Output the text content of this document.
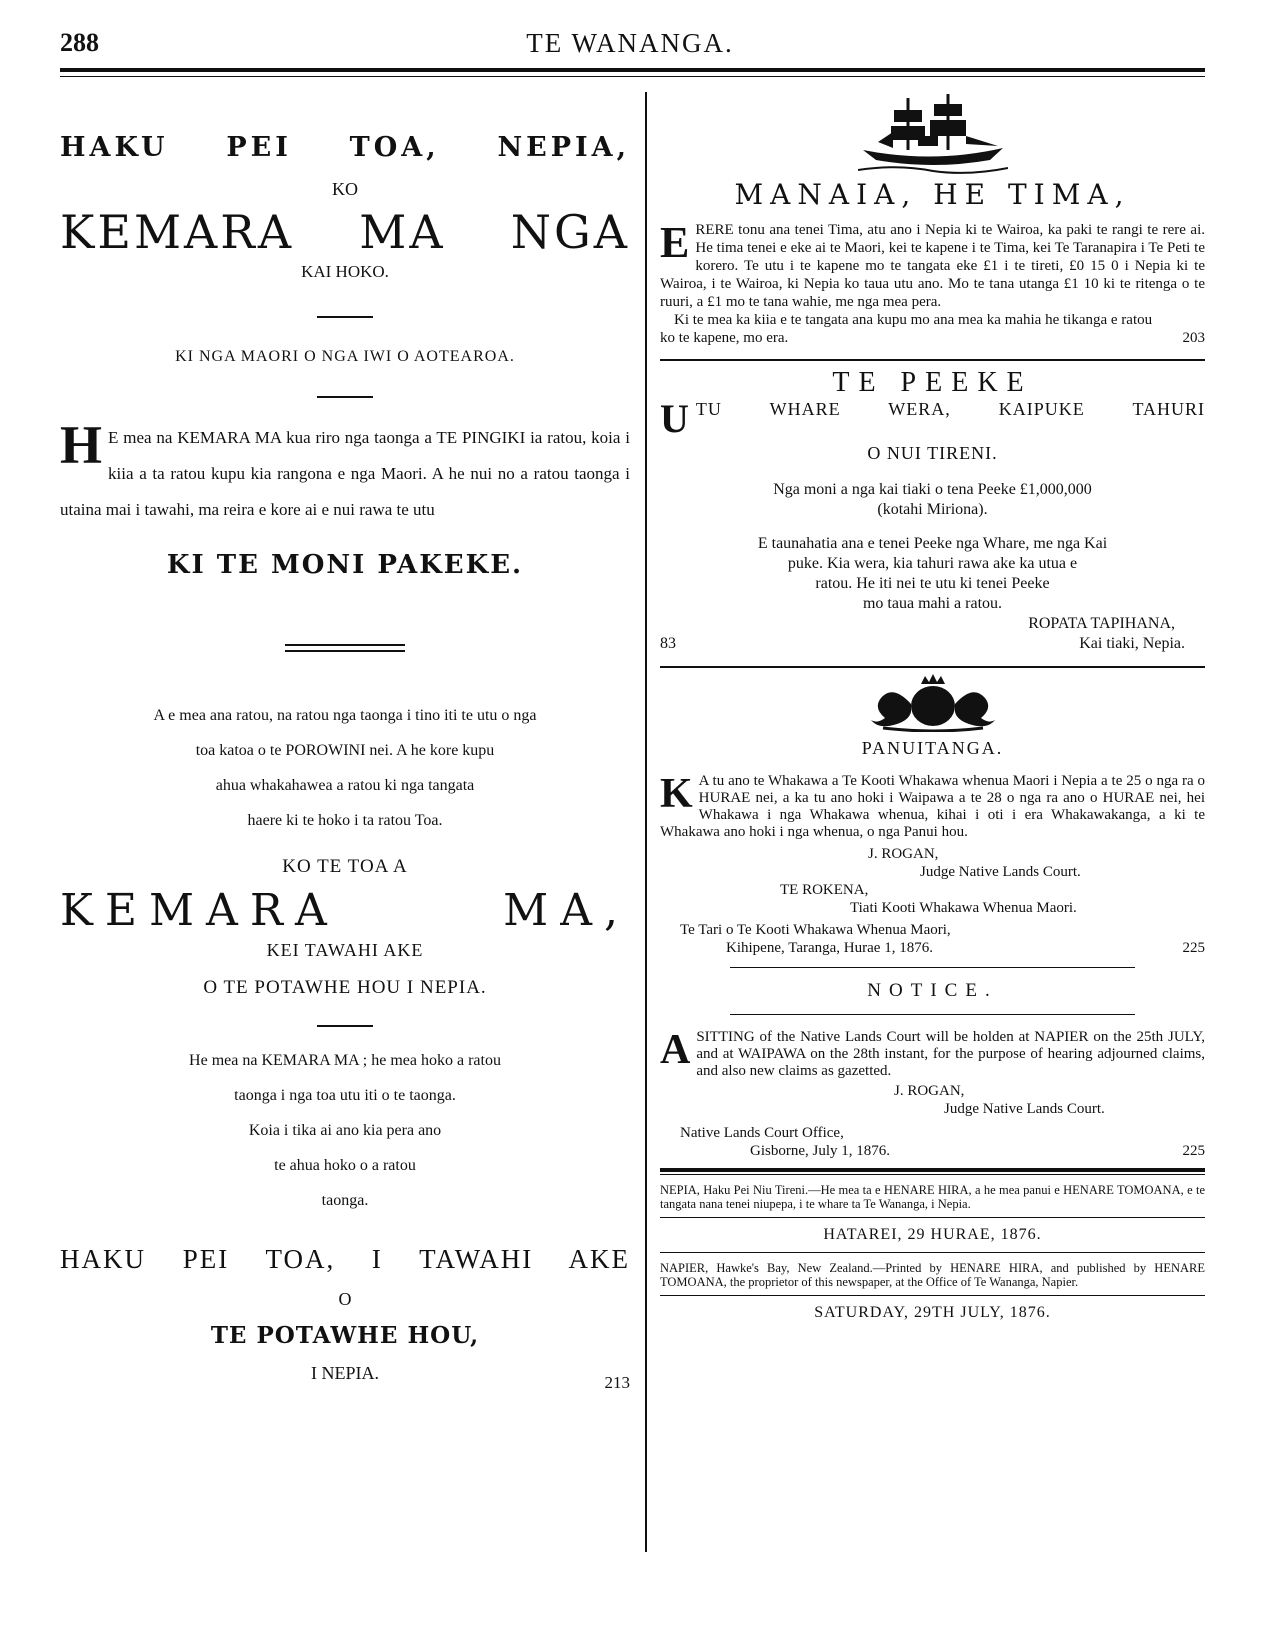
288	TE WANANGA.
HAKU PEI TOA, NEPIA,
KO
KEMARA MA NGA
KAI HOKO.
KI NGA MAORI O NGA IWI O AOTEAROA.
H E mea na KEMARA MA kua riro nga taonga a TE PINGIKI ia ratou, koia i kiia a ta ratou kupu kia rangona e nga Maori. A he nui no a ratou taonga i utaina mai i tawahi, ma reira e kore ai e nui rawa te utu
KI TE MONI PAKEKE.
A e mea ana ratou, na ratou nga taonga i tino iti te utu o nga
toa katoa o te POROWINI nei. A he kore kupu
ahua whakahawea a ratou ki nga tangata
haere ki te hoko i ta ratou Toa.
KO TE TOA A
KEMARA MA,
KEI TAWAHI AKE
O TE POTAWHE HOU I NEPIA.
He mea na KEMARA MA ; he mea hoko a ratou
taonga i nga toa utu iti o te taonga.
Koia i tika ai ano kia pera ano
te ahua hoko o a ratou
taonga.
HAKU PEI TOA, I TAWAHI AKE
O
TE POTAWHE HOU,
I NEPIA.	213
MANAIA, HE TIMA,
ERERE tonu ana tenei Tima, atu ano i Nepia ki te Wairoa, ka paki te rangi te rere ai. He tima tenei e eke ai te Maori, kei te kapene i te Tima, kei Te Taranapira i Te Peti te korero. Te utu i te kapene mo te tangata eke £1 i te tireti, £0 15 0 i Nepia ki te Wairoa, i te Wairoa, ki Nepia ko taua utu ano. Mo te tana utanga £1 10 ki te ritenga o te ruuri, a £1 mo te tana wahie, me nga mea pera.
Ki te mea ka kiia e te tangata ana kupu mo ana mea ka mahia he tikanga e ratou ko te kapene, mo era.	203
TE PEEKE
U TU WHARE WERA, KAIPUKE TAHURI
O NUI TIRENI.
Nga moni a nga kai tiaki o tena Peeke £1,000,000
(kotahi Miriona).
E taunahatia ana e tenei Peeke nga Whare, me nga Kai
puke. Kia wera, kia tahuri rawa ake ka utua e
ratou. He iti nei te utu ki tenei Peeke
mo taua mahi a ratou.
ROPATA TAPIHANA,
83	Kai tiaki, Nepia.
PANUITANGA.
K A tu ano te Whakawa a Te Kooti Whakawa whenua Maori i Nepia a te 25 o nga ra o HURAE nei, a ka tu ano hoki i Waipawa a te 28 o nga ra ano o HURAE nei, hei Whakawa i nga Whakawa whenua, kihai i oti i era Whakawakanga, a ki te Whakawa ano hoki i nga whenua, o nga Panui hou.
J. ROGAN,
Judge Native Lands Court.
TE ROKENA,
Tiati Kooti Whakawa Whenua Maori.
Te Tari o Te Kooti Whakawa Whenua Maori,
Kihipene, Taranga, Hurae 1, 1876.	225
NOTICE.
ASITTING of the Native Lands Court will be holden at NAPIER on the 25th JULY, and at WAIPAWA on the 28th instant, for the purpose of hearing adjourned claims, and also new claims as gazetted.
J. ROGAN,
Judge Native Lands Court.
Native Lands Court Office,
Gisborne, July 1, 1876.	225
NEPIA, Haku Pei Niu Tireni.—He mea ta e HENARE HIRA, a he mea panui e HENARE TOMOANA, e te tangata nana tenei niupepa, i te whare ta Te Wananga, i Nepia.
HATAREI, 29 HURAE, 1876.
NAPIER, Hawke's Bay, New Zealand.—Printed by HENARE HIRA, and published by HENARE TOMOANA, the proprietor of this newspaper, at the Office of Te Wananga, Napier.
SATURDAY, 29TH JULY, 1876.
